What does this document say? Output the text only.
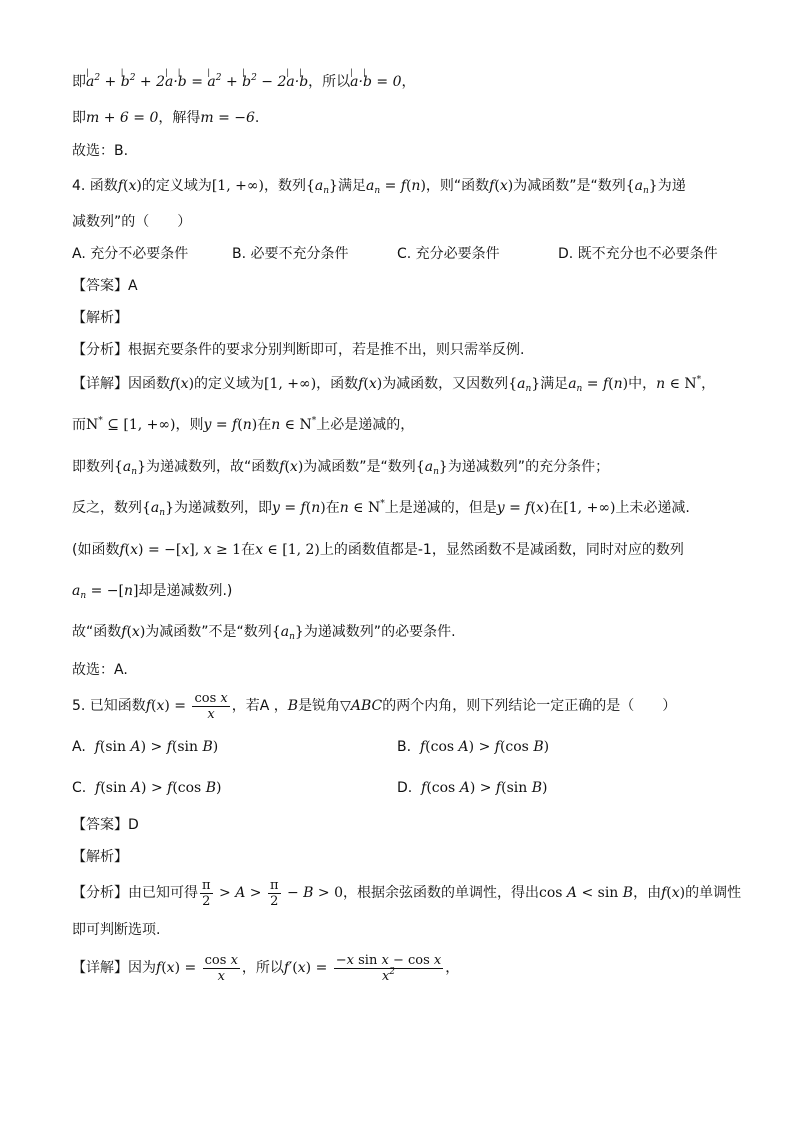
即| $a^2$ + | $b^2 + 2|$ a·| b = | $a^2$ + | $b^2 - 2|$ a·| b，所以| a·| b = 0，
即m + 6 = 0，解得m = −6.
故选：B.
4. 函数f(x)的定义域为[1, +∞)，数列$\{a_n\}$满足$a_n = f(n)$，则“函数f(x)为减函数”是“数列$\{a_n\}$为递
减数列”的（　　）
A. 充分不必要条件	B. 必要不充分条件	C. 充分必要条件	D. 既不充分也不必要条件
【答案】A
【解析】
【分析】根据充要条件的要求分别判断即可，若是推不出，则只需举反例.
【详解】因函数f(x)的定义域为[1, +∞)，函数f(x)为减函数，又因数列$\{a_n\}$满足$a_n = f(n)$中，n ∈ N*，
而N* ⊆ [1, +∞)，则y = f(n)在n ∈ N*上必是递减的，
即数列$\{a_n\}$为递减数列，故“函数f(x)为减函数”是“数列$\{a_n\}$为递减数列”的充分条件；
反之，数列$\{a_n\}$为递减数列，即y = f(n)在n ∈ N*上是递减的，但是y = f(x)在[1, +∞)上未必递减.
(如函数f(x) = −[x], x ≥ 1在x ∈ [1, 2)上的函数值都是-1，显然函数不是减函数，同时对应的数列
$a_n = -[n]$却是递减数列.)
故“函数f(x)为减函数”不是“数列$\{a_n\}$为递减数列”的必要条件.
故选：A.
5. 已知函数$f(x) = \frac{\text{cos x}}{x}$ ，若A ，B是锐角▽ABC的两个内角，则下列结论一定正确的是（　　）
A. f(sin A) > f(sin B)	B. f(cos A) > f(cos B)
C. f(sin A) > f(cos B)	D. f(cos A) > f(sin B)
【答案】D
【解析】
【分析】由已知可得 $\frac{\pi}{2} > A > \frac{\pi}{2} - B > 0$，根据余弦函数的单调性，得出cos A < sin B，由f(x)的单调性
即可判断选项.
【详解】因为$f(x) = \frac{\text{cos x}}{x}$ ，所以$f'(x) = \frac{\text{−x sin x − cos x}}{x^2}$ ，
